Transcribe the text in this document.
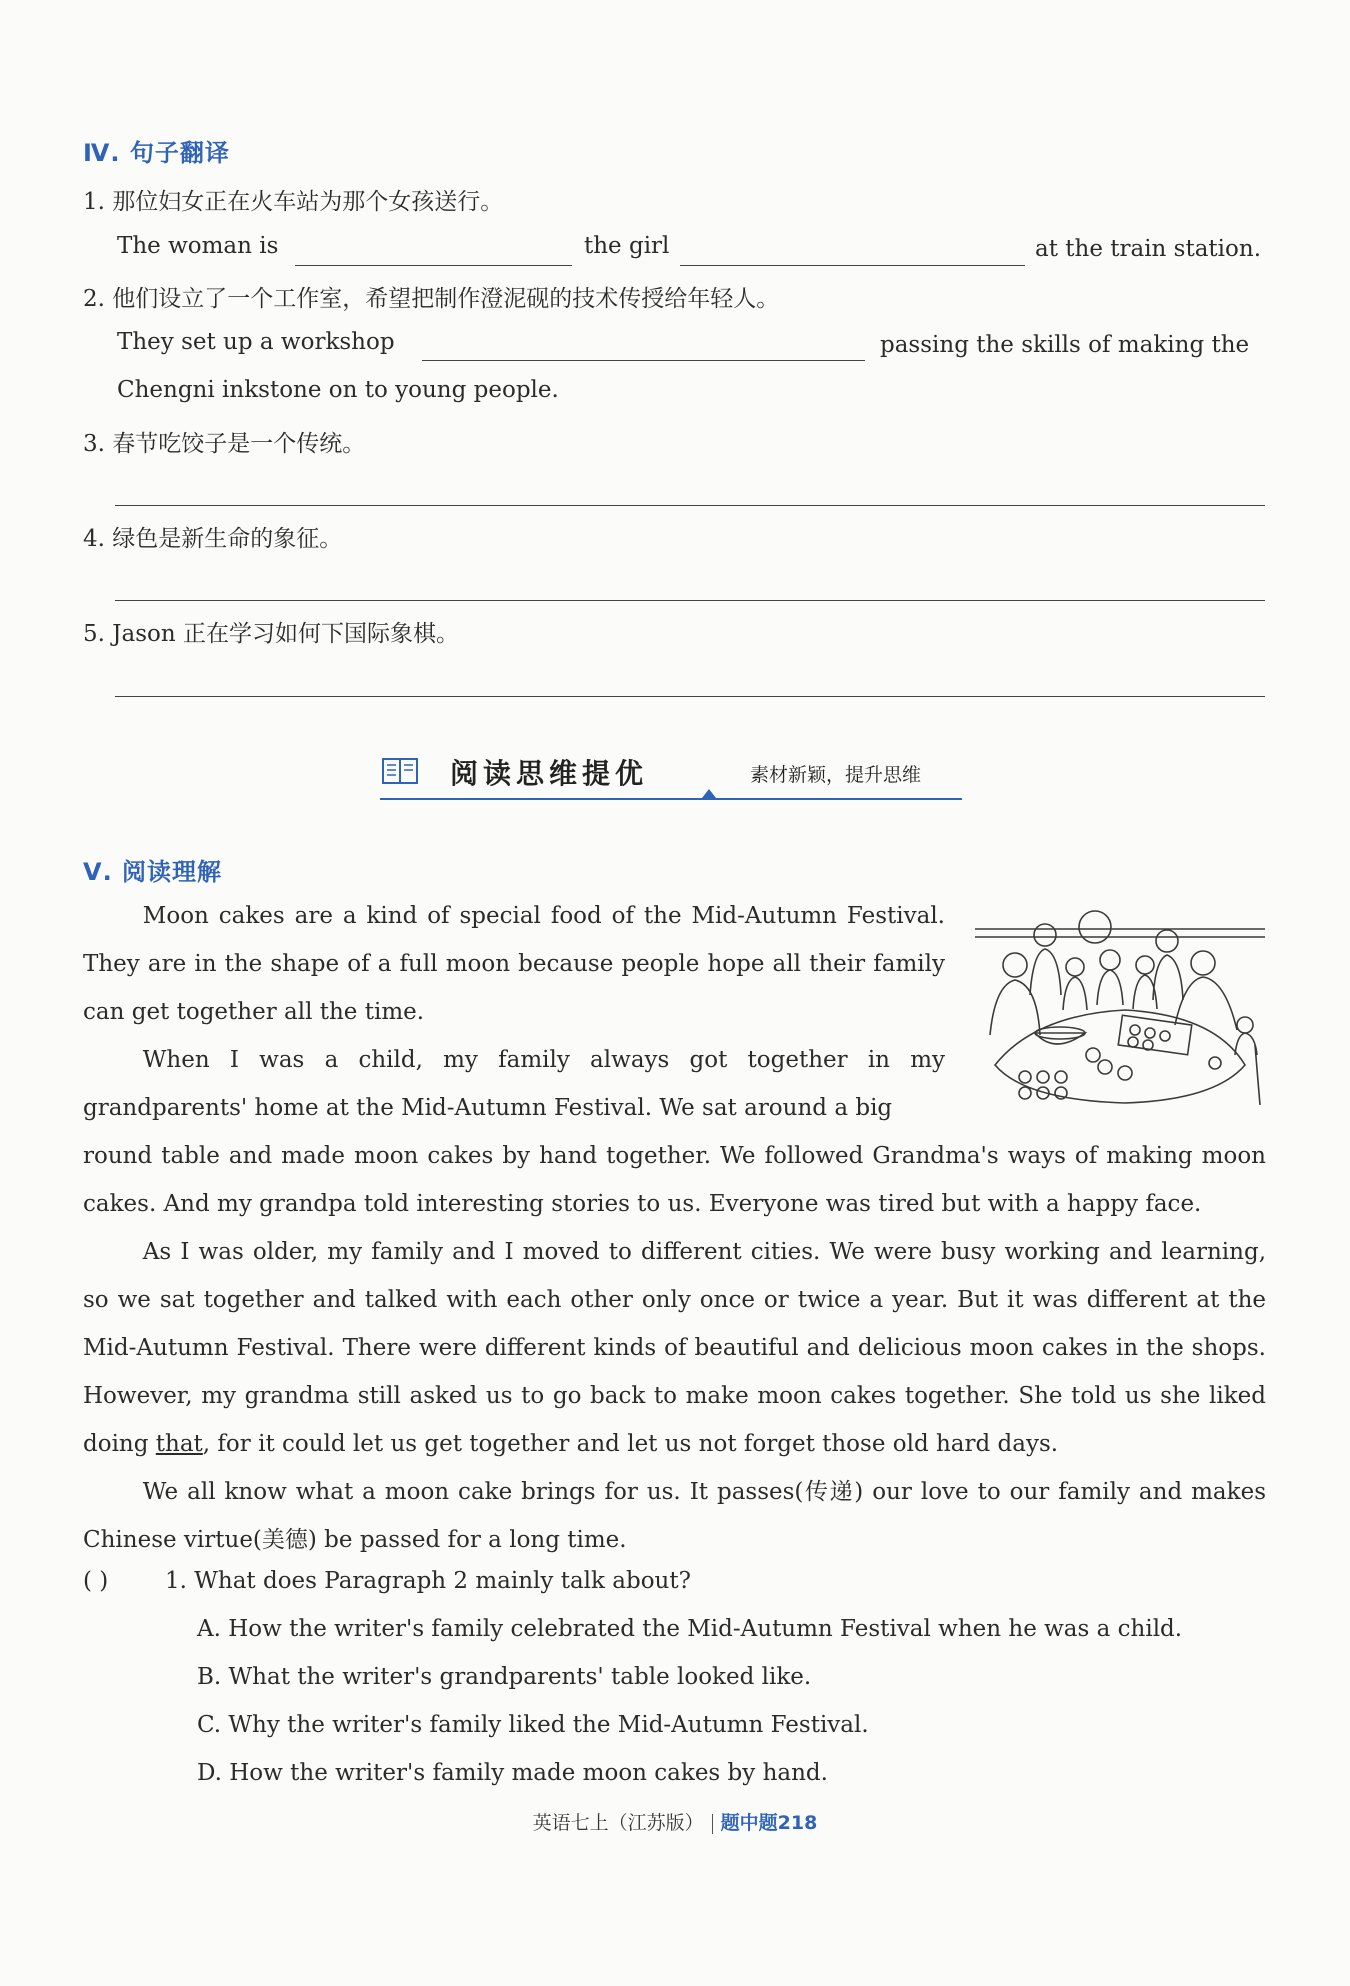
Ⅳ. 句子翻译
1. 那位妇女正在火车站为那个女孩送行。
The woman is	the girl	at the train station.
2. 他们设立了一个工作室，希望把制作澄泥砚的技术传授给年轻人。
They set up a workshop	passing the skills of making the
Chengni inkstone on to young people.
3. 春节吃饺子是一个传统。
4. 绿色是新生命的象征。
5. Jason 正在学习如何下国际象棋。
阅读思维提优	素材新颖，提升思维
Ⅴ. 阅读理解

Moon cakes are a kind of special food of the Mid-Autumn Festival. They are in the shape of a full moon because people hope all their family can get together all the time.

When I was a child, my family always got together in my grandparents' home at the Mid-Autumn Festival. We sat around a big

round table and made moon cakes by hand together. We followed Grandma's ways of making moon cakes. And my grandpa told interesting stories to us. Everyone was tired but with a happy face.

As I was older, my family and I moved to different cities. We were busy working and learning, so we sat together and talked with each other only once or twice a year. But it was different at the Mid-Autumn Festival. There were different kinds of beautiful and delicious moon cakes in the shops. However, my grandma still asked us to go back to make moon cakes together. She told us she liked doing that, for it could let us get together and let us not forget those old hard days.

We all know what a moon cake brings for us. It passes(传递) our love to our family and makes Chinese virtue(美德) be passed for a long time.

( ) 1. What does Paragraph 2 mainly talk about?
A. How the writer's family celebrated the Mid-Autumn Festival when he was a child.
B. What the writer's grandparents' table looked like.
C. Why the writer's family liked the Mid-Autumn Festival.
D. How the writer's family made moon cakes by hand.
英语七上（江苏版） 题中题218
